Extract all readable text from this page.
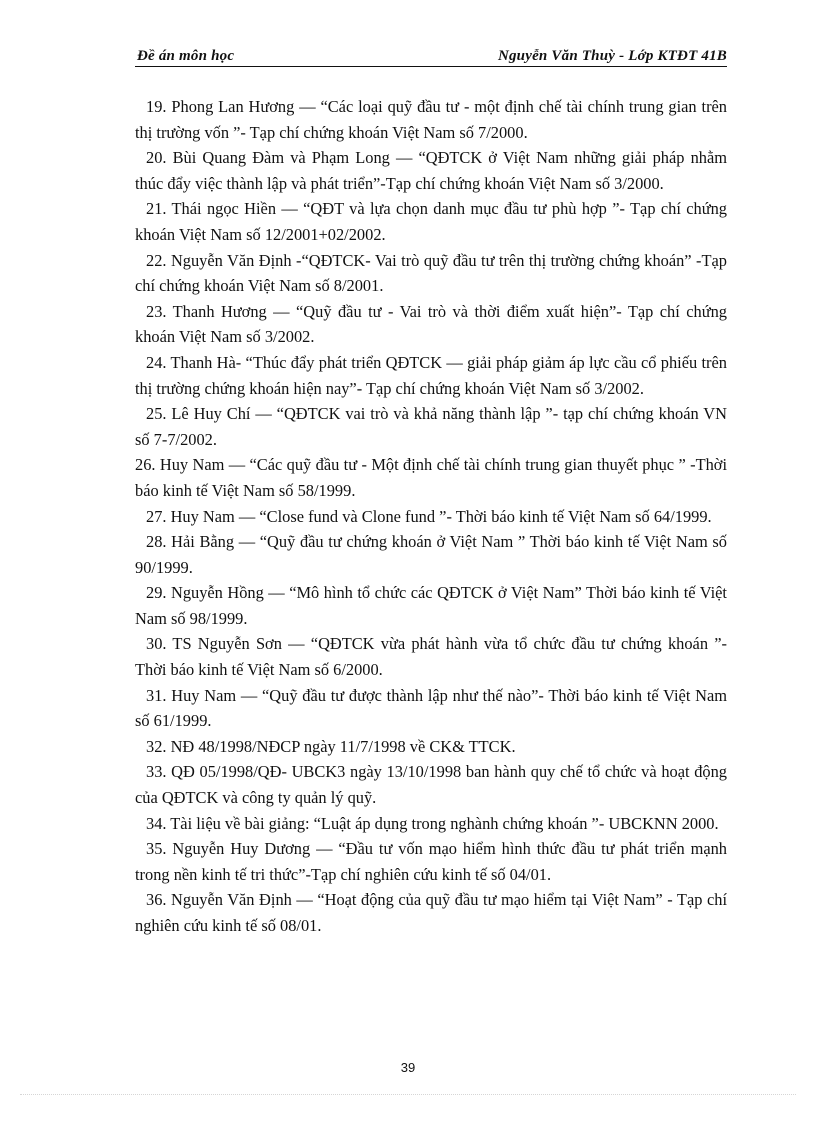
Đề án môn học	Nguyễn Văn Thuỳ - Lớp KTĐT 41B
19. Phong Lan Hương — “Các loại quỹ đầu tư - một định chế tài chính trung gian trên thị trường vốn ”- Tạp chí chứng khoán Việt Nam số 7/2000.
20. Bùi Quang Đàm và Phạm Long — “QĐTCK ở Việt Nam những giải pháp nhằm thúc đẩy việc thành lập và phát triển”-Tạp chí chứng khoán Việt Nam số 3/2000.
21. Thái ngọc Hiền — “QĐT và lựa chọn danh mục đầu tư phù hợp ”- Tạp chí chứng khoán Việt Nam số 12/2001+02/2002.
22. Nguyễn Văn Định -“QĐTCK- Vai trò quỹ đầu tư trên thị trường chứng khoán” -Tạp chí chứng khoán Việt Nam số 8/2001.
23. Thanh Hương — “Quỹ đầu tư - Vai trò và thời điểm xuất hiện”- Tạp chí chứng khoán Việt Nam số 3/2002.
24. Thanh Hà- “Thúc đẩy phát triển QĐTCK — giải pháp giảm áp lực cầu cổ phiếu trên thị trường chứng khoán hiện nay”- Tạp chí chứng khoán Việt Nam số 3/2002.
25. Lê Huy Chí — “QĐTCK vai trò và khả năng thành lập ”- tạp chí chứng khoán VN số 7-7/2002.
26. Huy Nam — “Các quỹ đầu tư - Một định chế tài chính trung gian thuyết phục ” -Thời báo kinh tế Việt Nam số 58/1999.
27. Huy Nam — “Close fund và Clone fund ”- Thời báo kinh tế Việt Nam số 64/1999.
28. Hải Bằng — “Quỹ đầu tư chứng khoán ở Việt Nam ” Thời báo kinh tế Việt Nam số 90/1999.
29. Nguyễn Hồng — “Mô hình tổ chức các QĐTCK ở Việt Nam” Thời báo kinh tế Việt Nam số 98/1999.
30. TS Nguyễn Sơn — “QĐTCK vừa phát hành vừa tổ chức đầu tư chứng khoán ”- Thời báo kinh tế Việt Nam số 6/2000.
31. Huy Nam — “Quỹ đầu tư được thành lập như thế nào”- Thời báo kinh tế Việt Nam số 61/1999.
32. NĐ 48/1998/NĐCP ngày 11/7/1998 về CK& TTCK.
33. QĐ 05/1998/QĐ- UBCK3 ngày 13/10/1998 ban hành quy chế tổ chức và hoạt động của QĐTCK và công ty quản lý quỹ.
34. Tài liệu về bài giảng: “Luật áp dụng trong nghành chứng khoán ”- UBCKNN 2000.
35. Nguyễn Huy Dương — “Đầu tư vốn mạo hiểm hình thức đầu tư phát triển mạnh trong nền kinh tế tri thức”-Tạp chí nghiên cứu kinh tế số 04/01.
36. Nguyễn Văn Định — “Hoạt động của quỹ đầu tư mạo hiểm tại Việt Nam” - Tạp chí nghiên cứu kinh tế số 08/01.
39
